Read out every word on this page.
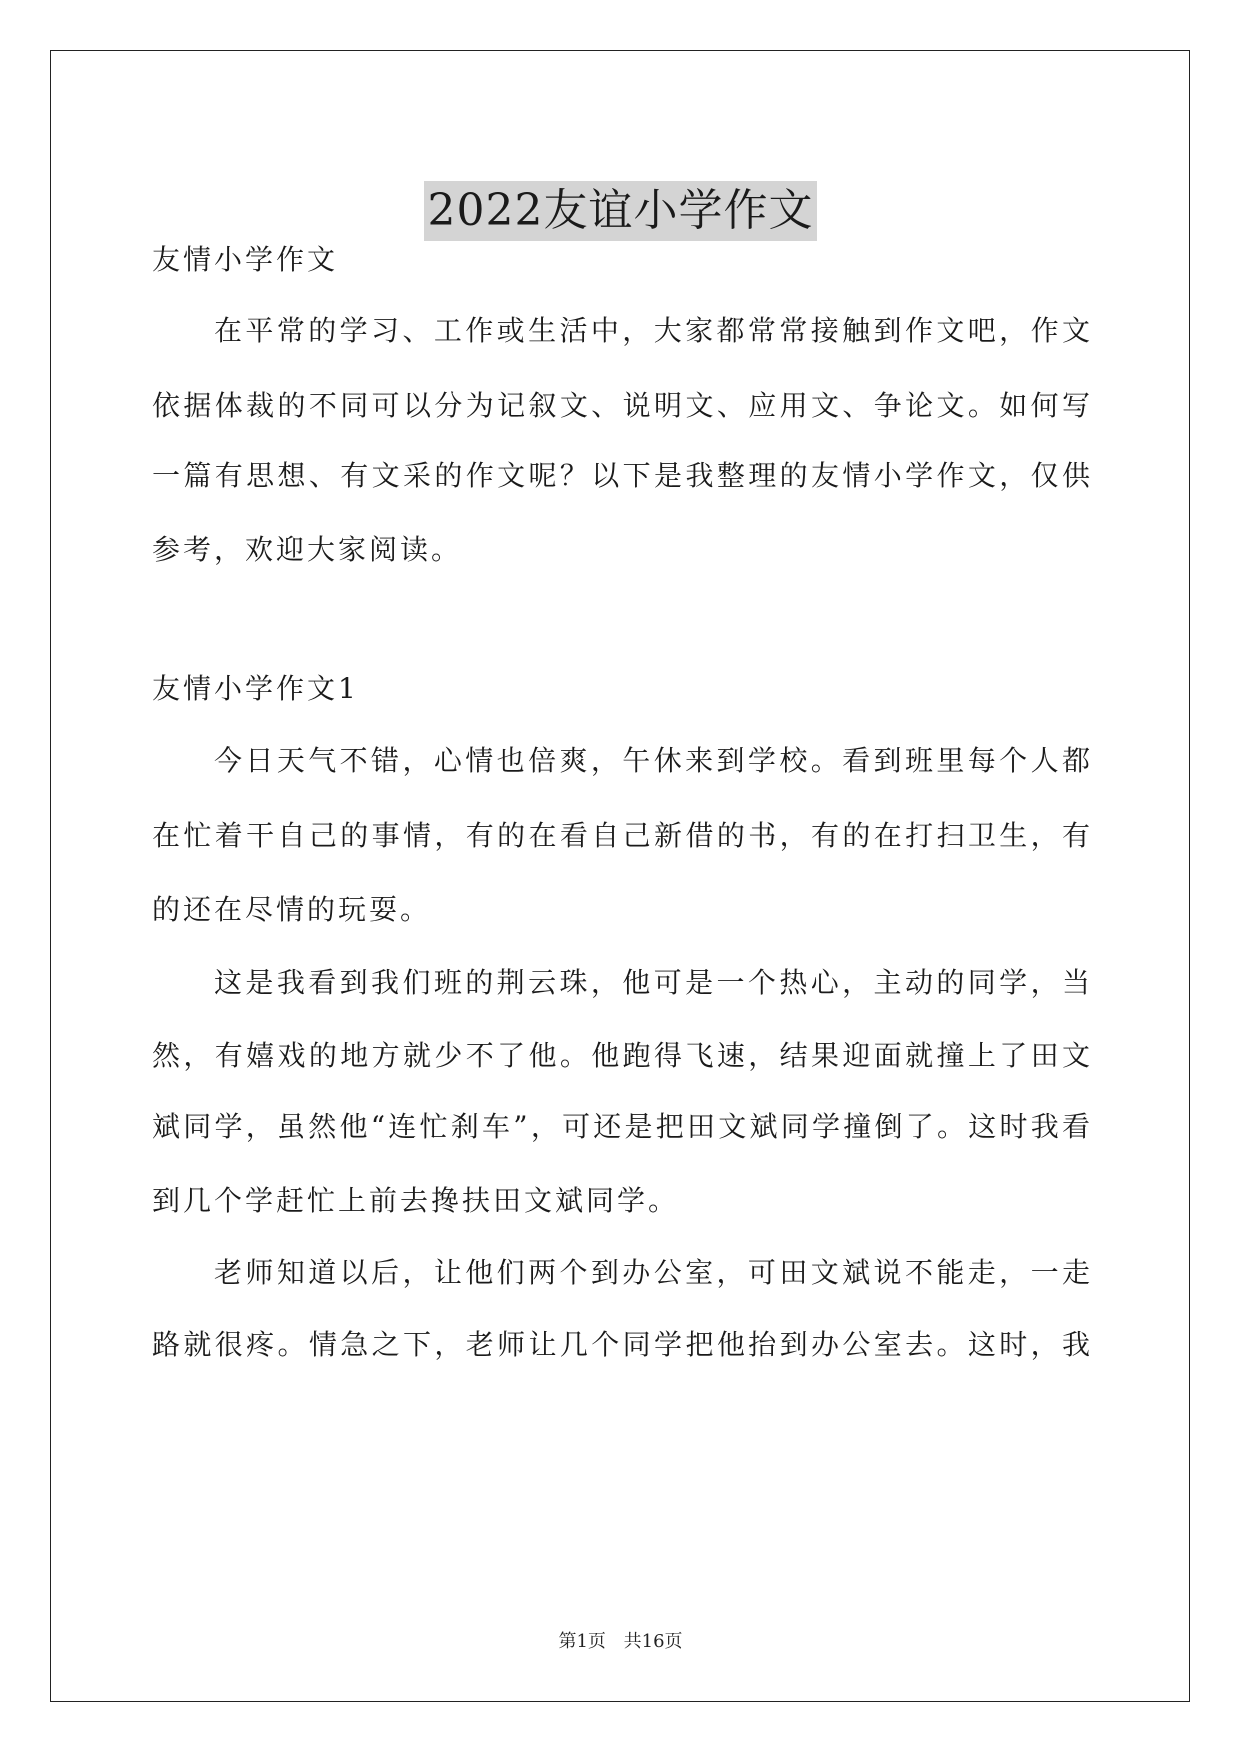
2022友谊小学作文
友情小学作文
在平常的学习、工作或生活中，大家都常常接触到作文吧，作文
依据体裁的不同可以分为记叙文、说明文、应用文、争论文。如何写
一篇有思想、有文采的作文呢？以下是我整理的友情小学作文，仅供
参考，欢迎大家阅读。
友情小学作文1
今日天气不错，心情也倍爽，午休来到学校。看到班里每个人都
在忙着干自己的事情，有的在看自己新借的书，有的在打扫卫生，有
的还在尽情的玩耍。
这是我看到我们班的荆云珠，他可是一个热心，主动的同学，当
然，有嬉戏的地方就少不了他。他跑得飞速，结果迎面就撞上了田文
斌同学，虽然他“连忙刹车”，可还是把田文斌同学撞倒了。这时我看
到几个学赶忙上前去搀扶田文斌同学。
老师知道以后，让他们两个到办公室，可田文斌说不能走，一走
路就很疼。情急之下，老师让几个同学把他抬到办公室去。这时，我
第1页 共16页
